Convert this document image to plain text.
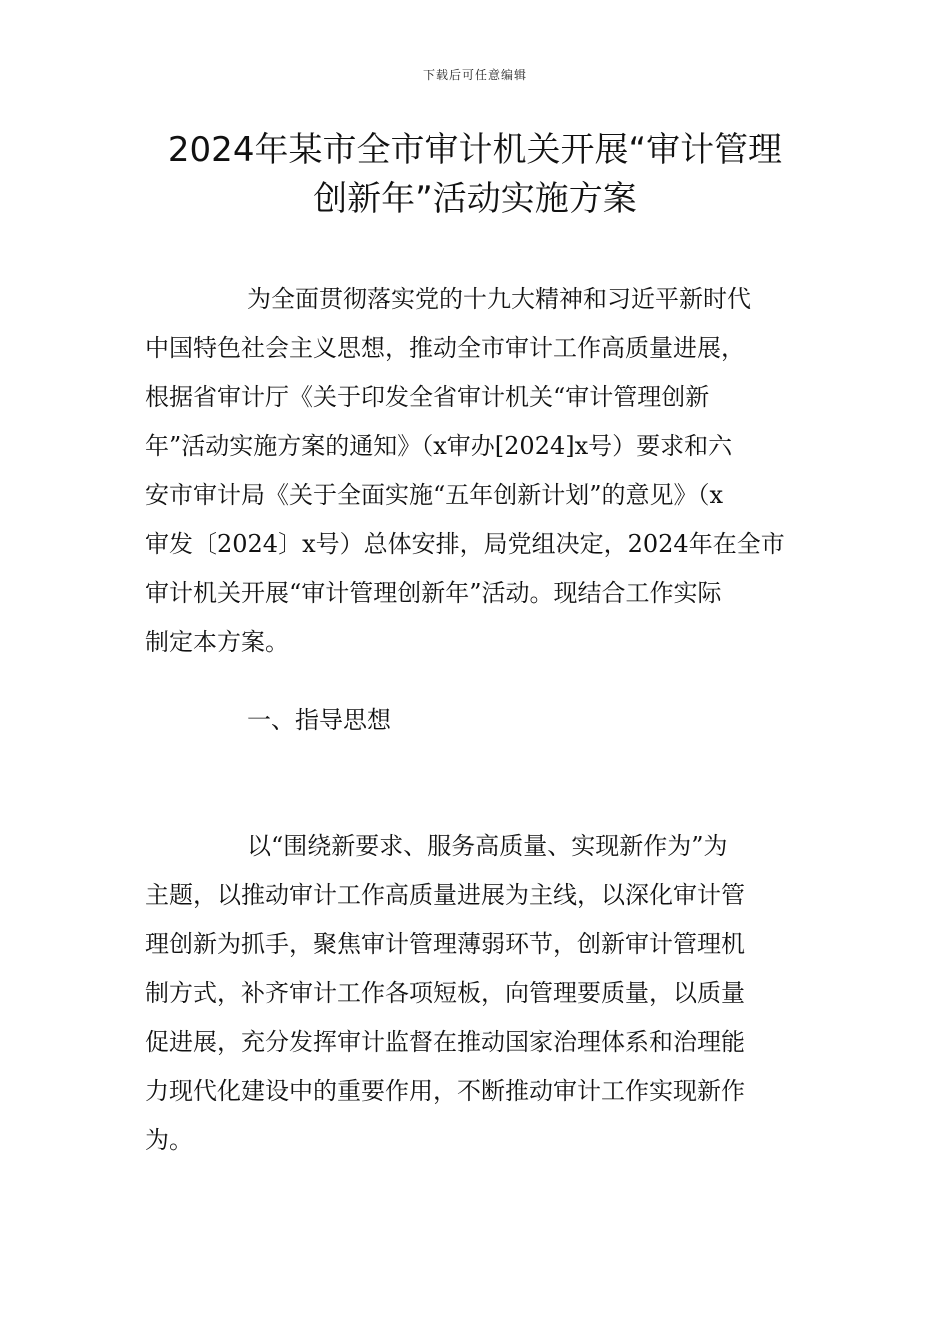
下载后可任意编辑
2024年某市全市审计机关开展“审计管理
创新年”活动实施方案

为全面贯彻落实党的十九大精神和习近平新时代
中国特色社会主义思想，推动全市审计工作高质量进展，
根据省审计厅《关于印发全省审计机关“审计管理创新
年”活动实施方案的通知》（x审办[2024]x号）要求和六
安市审计局《关于全面实施“五年创新计划”的意见》（x
审发〔2024〕x号）总体安排，局党组决定，2024年在全市
审计机关开展“审计管理创新年”活动。现结合工作实际
制定本方案。

一、指导思想

以“围绕新要求、服务高质量、实现新作为”为
主题，以推动审计工作高质量进展为主线，以深化审计管
理创新为抓手，聚焦审计管理薄弱环节，创新审计管理机
制方式，补齐审计工作各项短板，向管理要质量，以质量
促进展，充分发挥审计监督在推动国家治理体系和治理能
力现代化建设中的重要作用，不断推动审计工作实现新作
为。
